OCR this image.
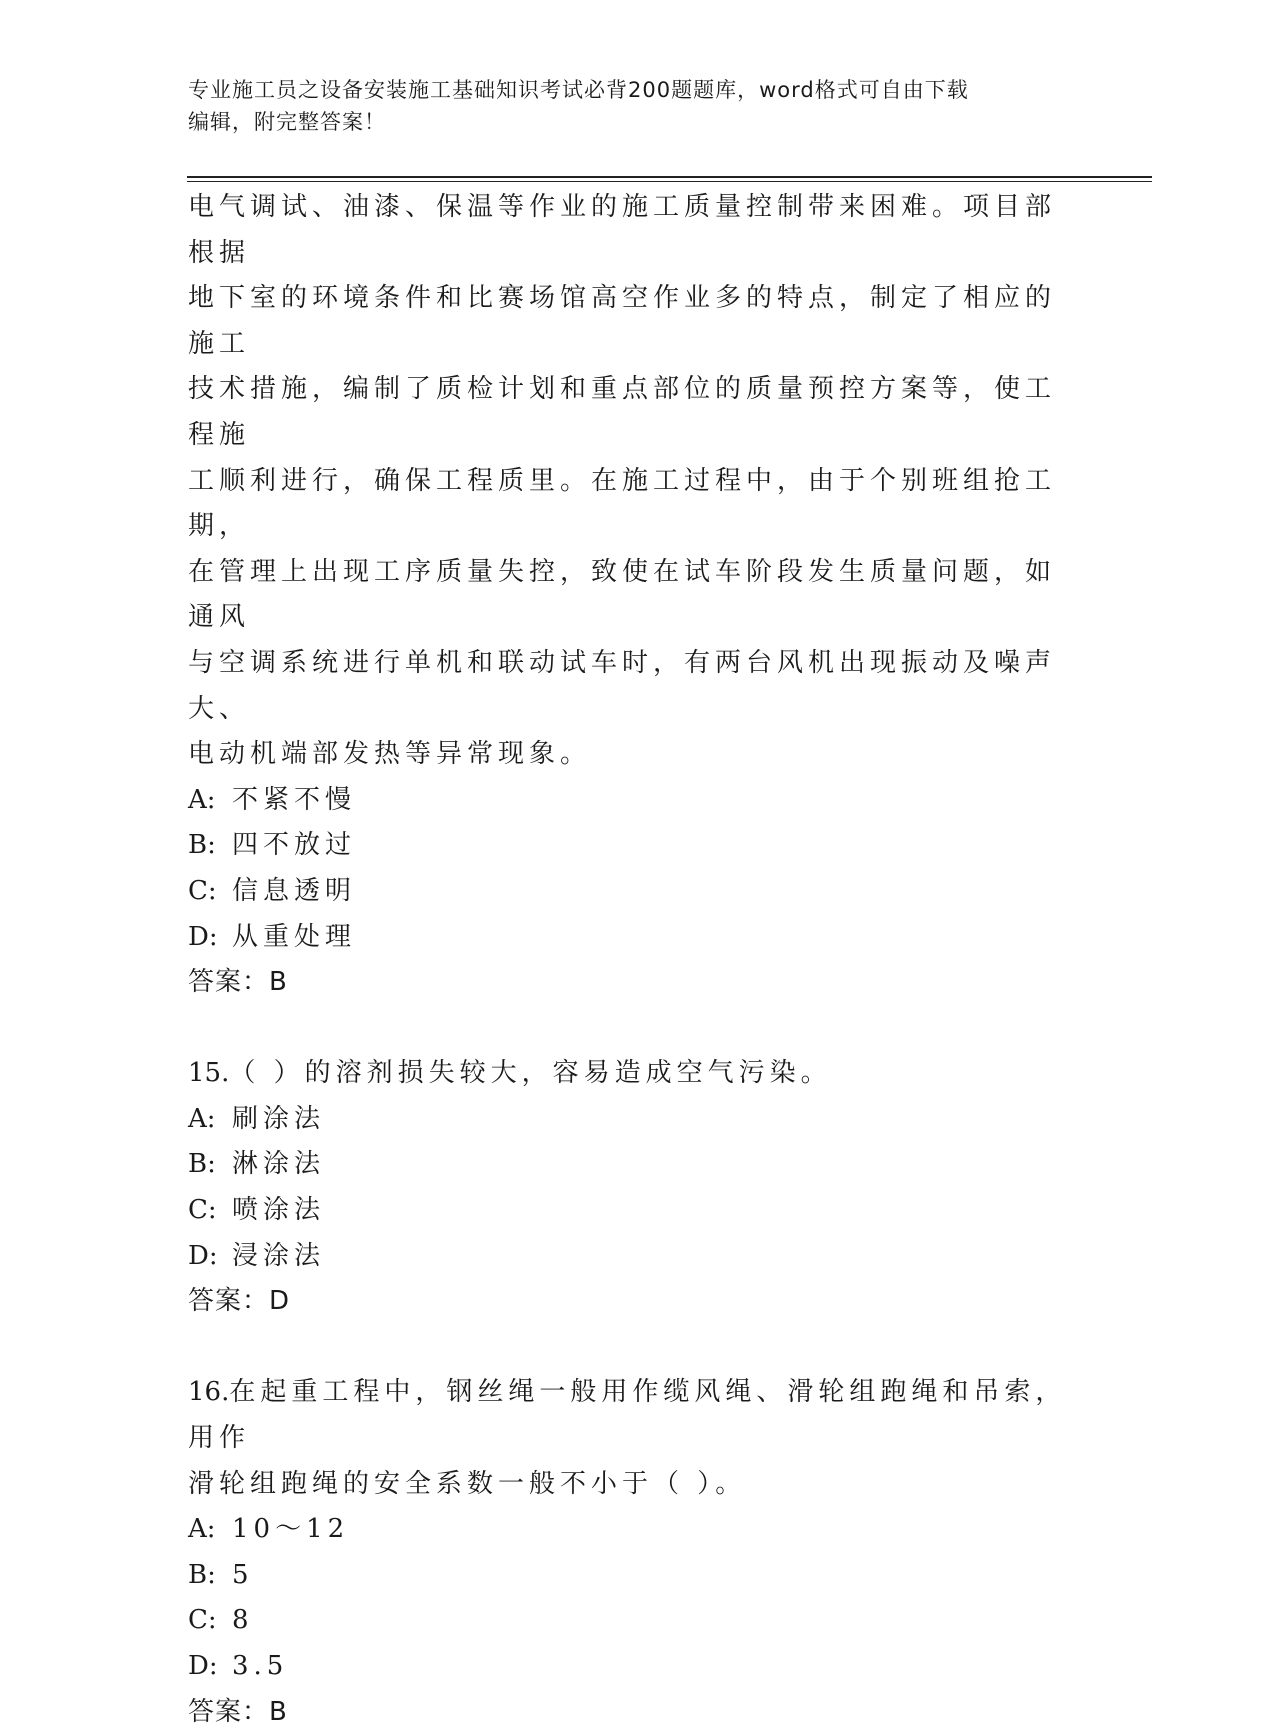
专业施工员之设备安装施工基础知识考试必背200题题库，word格式可自由下载
编辑，附完整答案！

电气调试、油漆、保温等作业的施工质量控制带来困难。项目部根据

地下室的环境条件和比赛场馆高空作业多的特点，制定了相应的施工

技术措施，编制了质检计划和重点部位的质量预控方案等，使工程施

工顺利进行，确保工程质里。在施工过程中，由于个别班组抢工期，

在管理上出现工序质量失控，致使在试车阶段发生质量问题，如通风

与空调系统进行单机和联动试车时，有两台风机出现振动及噪声大、

电动机端部发热等异常现象。

A: 不紧不慢

B: 四不放过

C: 信息透明

D: 从重处理

答案：B

15.（ ）的溶剂损失较大，容易造成空气污染。

A: 刷涂法

B: 淋涂法

C: 喷涂法

D: 浸涂法

答案：D

16.在起重工程中，钢丝绳一般用作缆风绳、滑轮组跑绳和吊索，用作

滑轮组跑绳的安全系数一般不小于（ ）。

A: 10～12

B: 5

C: 8

D: 3.5

答案：B
